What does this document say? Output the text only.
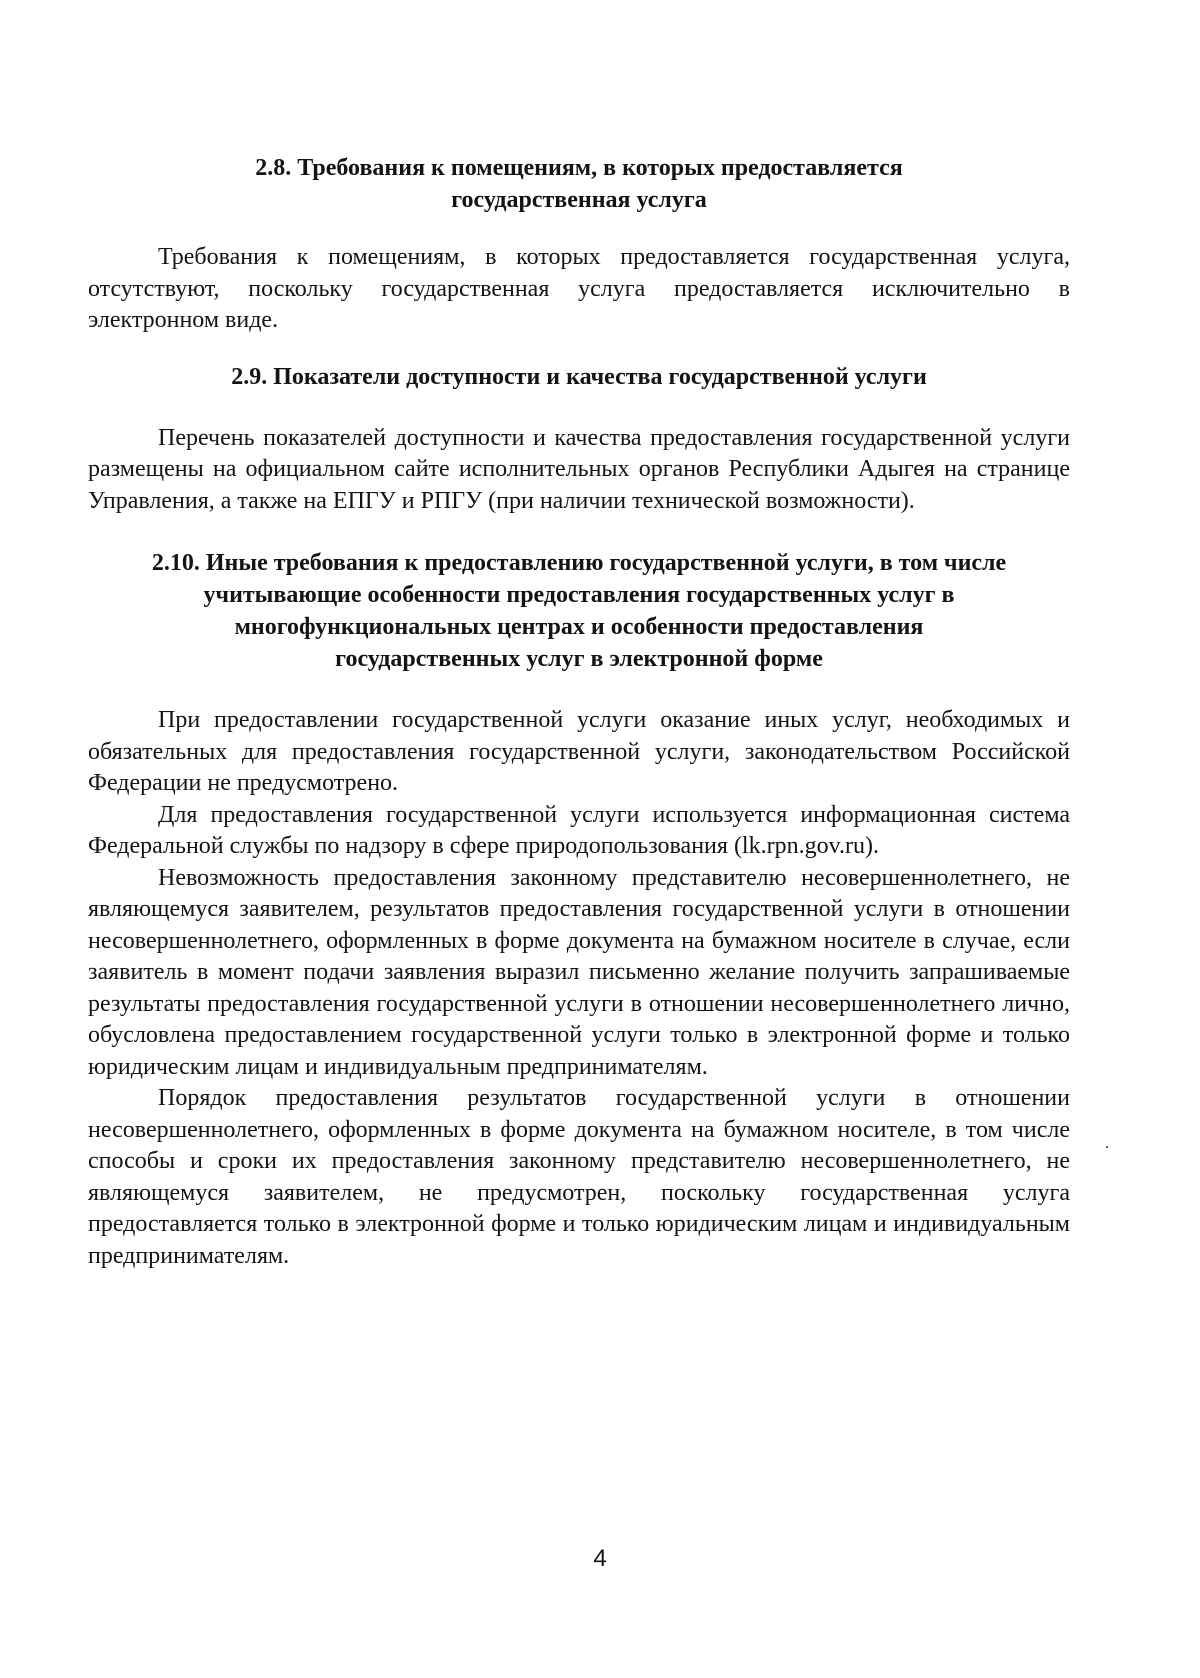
2.8. Требования к помещениям, в которых предоставляется
государственная услуга

Требования к помещениям, в которых предоставляется государственная услуга, отсутствуют, поскольку государственная услуга предоставляется исключительно в электронном виде.

2.9. Показатели доступности и качества государственной услуги

Перечень показателей доступности и качества предоставления государственной услуги размещены на официальном сайте исполнительных органов Республики Адыгея на странице Управления, а также на ЕПГУ и РПГУ (при наличии технической возможности).

2.10. Иные требования к предоставлению государственной услуги, в том числе
учитывающие особенности предоставления государственных услуг в
многофункциональных центрах и особенности предоставления
государственных услуг в электронной форме

При предоставлении государственной услуги оказание иных услуг, необходимых и обязательных для предоставления государственной услуги, законодательством Российской Федерации не предусмотрено.

Для предоставления государственной услуги используется информационная система Федеральной службы по надзору в сфере природопользования (lk.rpn.gov.ru).

Невозможность предоставления законному представителю несовершеннолетнего, не являющемуся заявителем, результатов предоставления государственной услуги в отношении несовершеннолетнего, оформленных в форме документа на бумажном носителе в случае, если заявитель в момент подачи заявления выразил письменно желание получить запрашиваемые результаты предоставления государственной услуги в отношении несовершеннолетнего лично, обусловлена предоставлением государственной услуги только в электронной форме и только юридическим лицам и индивидуальным предпринимателям.

Порядок предоставления результатов государственной услуги в отношении несовершеннолетнего, оформленных в форме документа на бумажном носителе, в том числе способы и сроки их предоставления законному представителю несовершеннолетнего, не являющемуся заявителем, не предусмотрен, поскольку государственная услуга предоставляется только в электронной форме и только юридическим лицам и индивидуальным предпринимателям.

4
